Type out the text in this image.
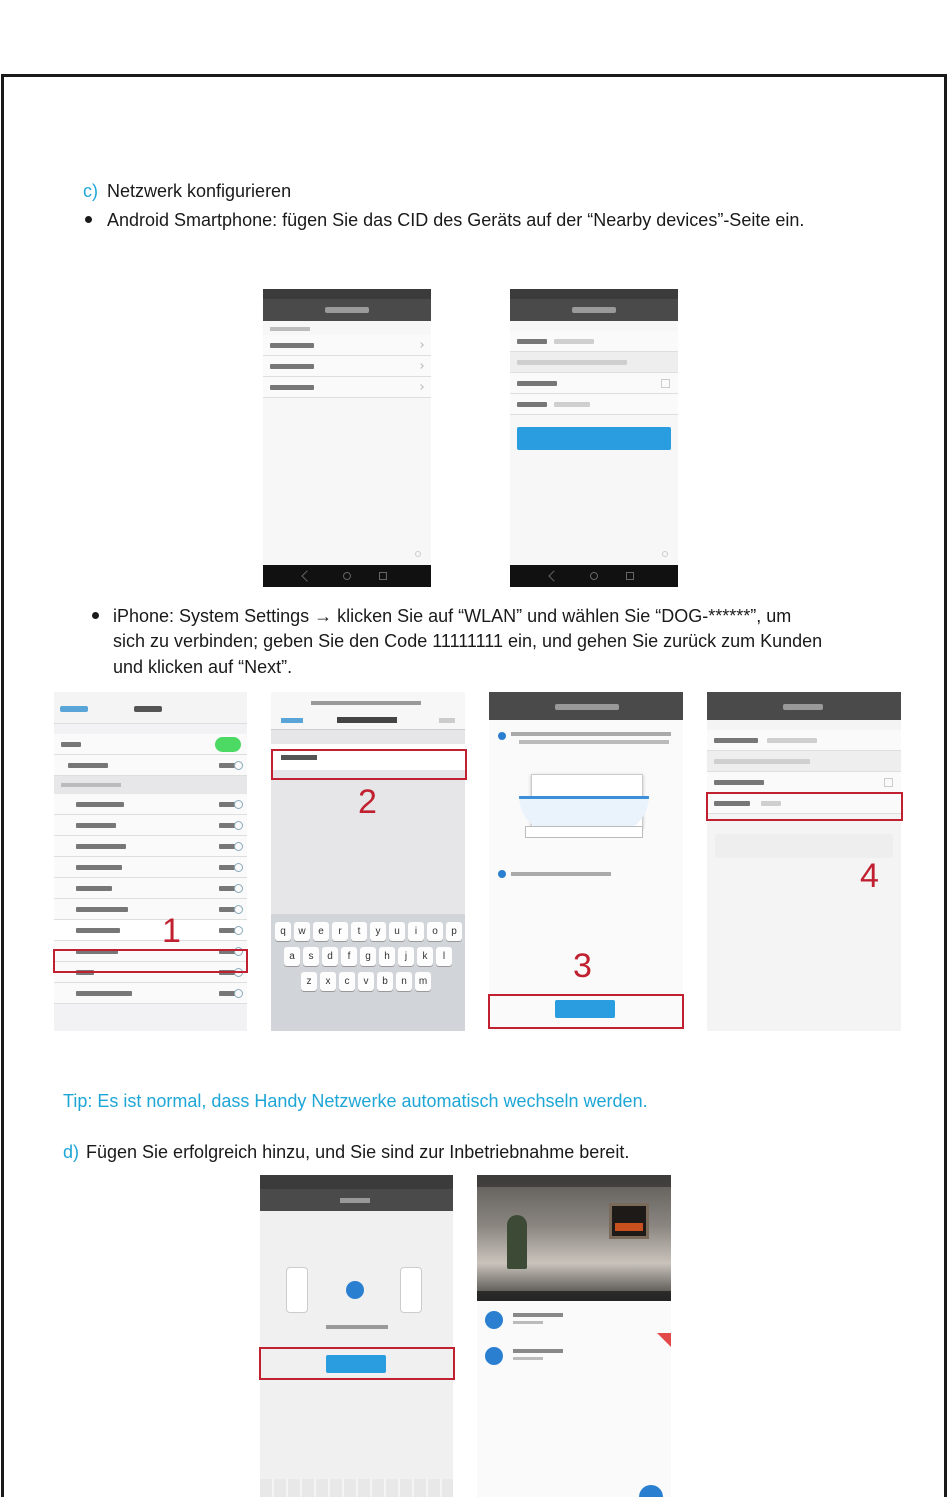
c) Netzwerk konfigurieren
Android Smartphone: fügen Sie das CID des Geräts auf der “Nearby devices”-Seite ein.
iPhone: System Settings → klicken Sie auf “WLAN” und wählen Sie “DOG-******”, um
sich zu verbinden; geben Sie den Code 11111111 ein, und gehen Sie zurück zum Kunden
und klicken auf “Next”.
1	q	w	e	r	t	y	u	i	o	p
a	s	d	f	g	h	j	k	l
z	x	c	v	b	n	m
2
3
4
Tip: Es ist normal, dass Handy Netzwerke automatisch wechseln werden.
d) Fügen Sie erfolgreich hinzu, und Sie sind zur Inbetriebnahme bereit.
